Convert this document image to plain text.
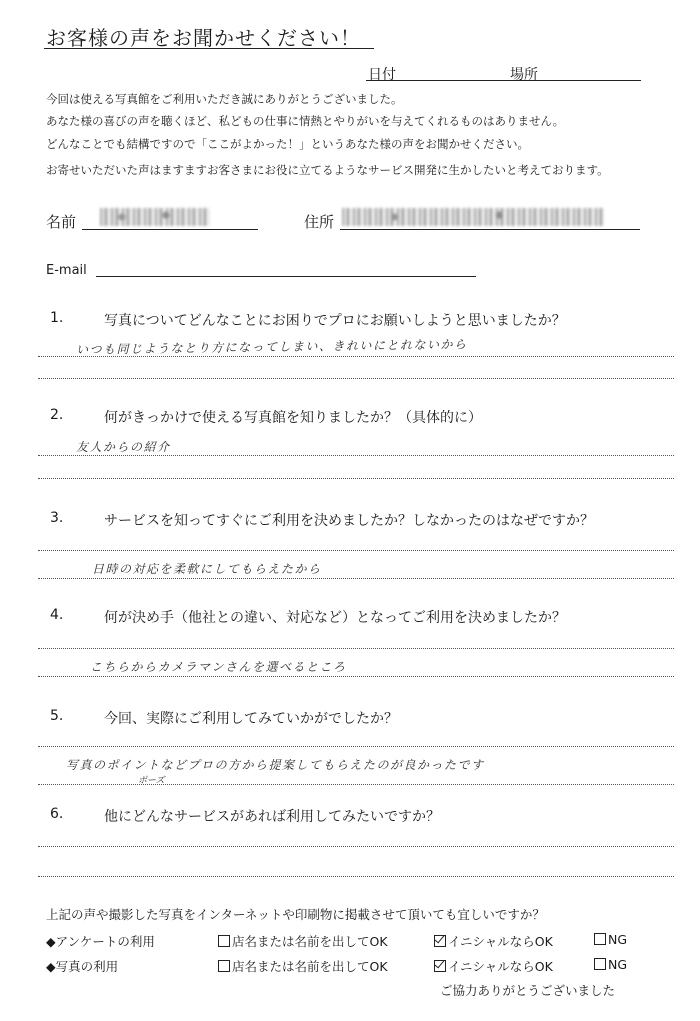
お客様の声をお聞かせください！
日付	場所
今回は使える写真館をご利用いただき誠にありがとうございました。
あなた様の喜びの声を聴くほど、私どもの仕事に情熱とやりがいを与えてくれるものはありません。
どんなことでも結構ですので「ここがよかった！」というあなた様の声をお聞かせください。
お寄せいただいた声はますますお客さまにお役に立てるようなサービス開発に生かしたいと考えております。
名前	住所
E-mail
1.	写真についてどんなことにお困りでプロにお願いしようと思いましたか？
いつも同じようなとり方になってしまい、きれいにとれないから
2.	何がきっかけで使える写真館を知りましたか？（具体的に）
友人からの紹介
3.	サービスを知ってすぐにご利用を決めましたか？しなかったのはなぜですか？
日時の対応を柔軟にしてもらえたから
4.	何が決め手（他社との違い、対応など）となってご利用を決めましたか？
こちらからカメラマンさんを選べるところ
5.	今回、実際にご利用してみていかがでしたか？
写真のポイントなどプロの方から提案してもらえたのが良かったです
ポーズ
6.	他にどんなサービスがあれば利用してみたいですか？
上記の声や撮影した写真をインターネットや印刷物に掲載させて頂いても宜しいですか？
◆アンケートの利用	店名または名前を出してOK	イニシャルならOK	NG
◆写真の利用	店名または名前を出してOK	イニシャルならOK	NG
ご協力ありがとうございました
